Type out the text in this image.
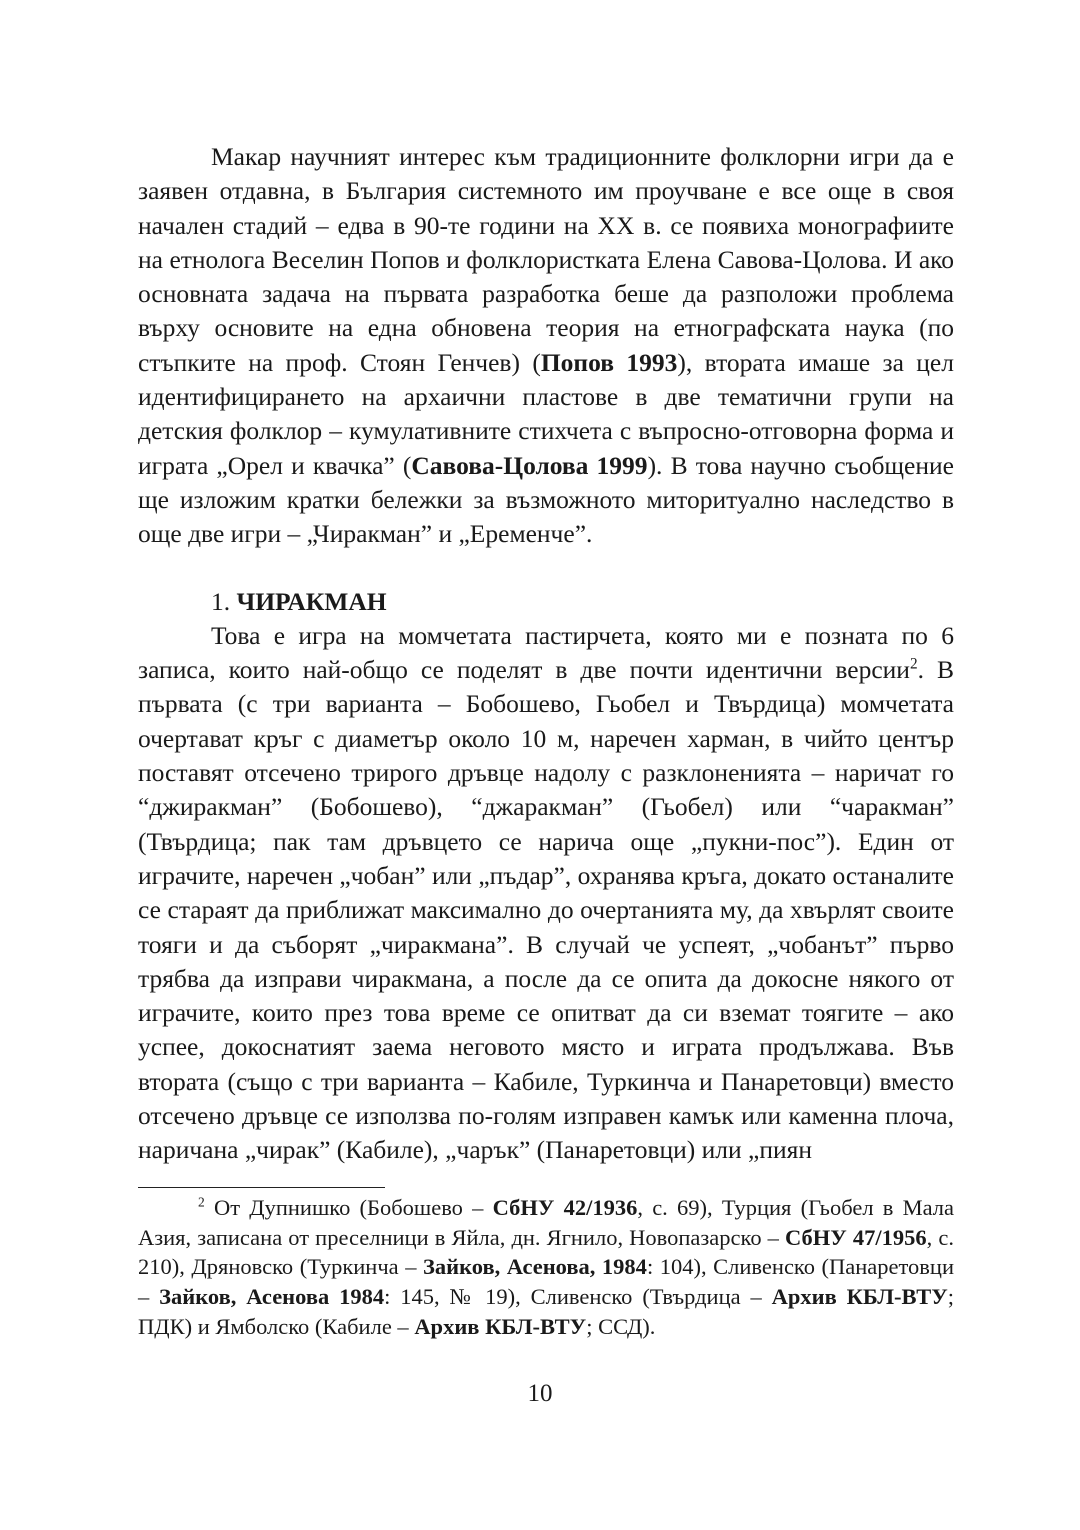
Макар научният интерес към традиционните фолклорни игри да е заявен отдавна, в България системното им проучване е все още в своя начален стадий – едва в 90-те години на XX в. се появиха монографиите на етнолога Веселин Попов и фолклористката Елена Савова-Цолова. И ако основната задача на първата разработка беше да разположи проблема върху основите на една обновена теория на етнографската наука (по стъпките на проф. Стоян Генчев) (Попов 1993), втората имаше за цел идентифицирането на архаични пластове в две тематични групи на детския фолклор – кумулативните стихчета с въпросно-отговорна форма и играта „Орел и квачка” (Савова-Цолова 1999). В това научно съобщение ще изложим кратки бележки за възможното миторитуално наследство в още две игри – „Чиракман” и „Еременче”.

1. ЧИРАКМАН

Това е игра на момчетата пастирчета, която ми е позната по 6 записа, които най-общо се поделят в две почти идентични версии$^2$. В първата (с три варианта – Бобошево, Гьобел и Твърдица) момчетата очертават кръг с диаметър около 10 м, наречен харман, в чийто център поставят отсечено трирого дръвце надолу с разклоненията – наричат го “джиракман” (Бобошево), “джаракман” (Гьобел) или “чаракман” (Твърдица; пак там дръвцето се нарича още „пукни-пос”). Един от играчите, наречен „чобан” или „пъдар”, охранява кръга, докато останалите се стараят да приближат максимално до очертанията му, да хвърлят своите тояги и да съборят „чиракмана”. В случай че успеят, „чобанът” първо трябва да изправи чиракмана, а после да се опита да докосне някого от играчите, които през това време се опитват да си вземат тоягите – ако успее, докоснатият заема неговото място и играта продължава. Във втората (също с три варианта – Кабиле, Туркинча и Панаретовци) вместо отсечено дръвце се използва по-голям изправен камък или каменна плоча, наричана „чирак” (Кабиле), „чарък” (Панаретовци) или „пиян

$^2$ От Дупнишко (Бобошево – СбНУ 42/1936, с. 69), Турция (Гьобел в Мала Азия, записана от преселници в Яйла, дн. Ягнило, Новопазарско – СбНУ 47/1956, с. 210), Дряновско (Туркинча – Зайков, Асенова, 1984: 104), Сливенско (Панаретовци – Зайков, Асенова 1984: 145, № 19), Сливенско (Твърдица – Архив КБЛ-ВТУ; ПДК) и Ямболско (Кабиле – Архив КБЛ-ВТУ; ССД).

10
